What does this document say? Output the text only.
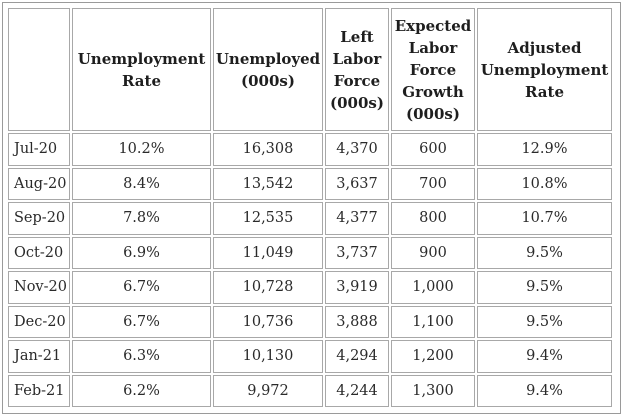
	Unemployment
Rate	Unemployed
(000s)	Left
Labor
Force
(000s)	Expected
Labor
Force
Growth
(000s)	Adjusted
Unemployment
Rate

Jul-20	10.2%	16,308	4,370	600	12.9%
Aug-20	8.4%	13,542	3,637	700	10.8%
Sep-20	7.8%	12,535	4,377	800	10.7%
Oct-20	6.9%	11,049	3,737	900	9.5%
Nov-20	6.7%	10,728	3,919	1,000	9.5%
Dec-20	6.7%	10,736	3,888	1,100	9.5%
Jan-21	6.3%	10,130	4,294	1,200	9.4%
Feb-21	6.2%	9,972	4,244	1,300	9.4%
